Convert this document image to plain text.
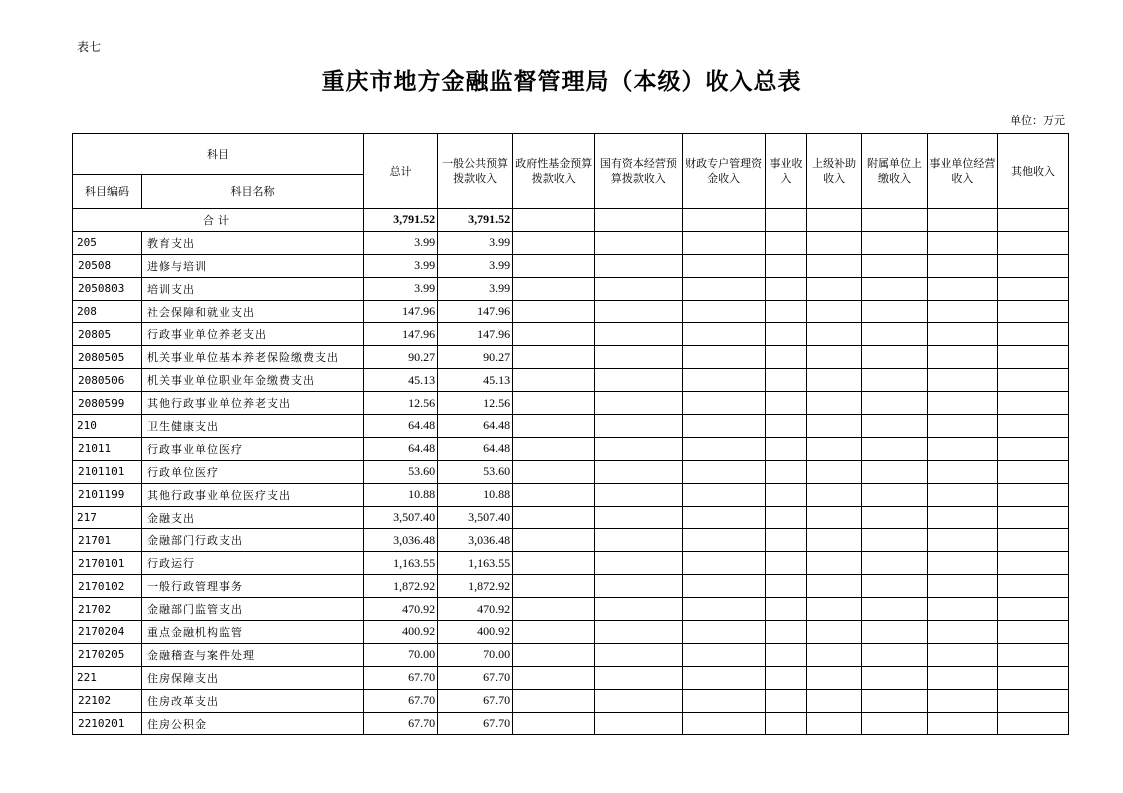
表七
重庆市地方金融监督管理局（本级）收入总表
单位：万元
科目		总计	一般公共预算拨款收入	政府性基金预算拨款收入	国有资本经营预算拨款收入	财政专户管理资金收入	事业收入	上级补助收入	附属单位上缴收入	事业单位经营收入	其他收入
科目编码	科目名称										
合计		3,791.52	3,791.52								
205	教育支出	3.99	3.99								
20508	进修与培训	3.99	3.99								
2050803	培训支出	3.99	3.99								
208	社会保障和就业支出	147.96	147.96								
20805	行政事业单位养老支出	147.96	147.96								
2080505	机关事业单位基本养老保险缴费支出	90.27	90.27								
2080506	机关事业单位职业年金缴费支出	45.13	45.13								
2080599	其他行政事业单位养老支出	12.56	12.56								
210	卫生健康支出	64.48	64.48								
21011	行政事业单位医疗	64.48	64.48								
2101101	行政单位医疗	53.60	53.60								
2101199	其他行政事业单位医疗支出	10.88	10.88								
217	金融支出	3,507.40	3,507.40								
21701	金融部门行政支出	3,036.48	3,036.48								
2170101	行政运行	1,163.55	1,163.55								
2170102	一般行政管理事务	1,872.92	1,872.92								
21702	金融部门监管支出	470.92	470.92								
2170204	重点金融机构监管	400.92	400.92								
2170205	金融稽查与案件处理	70.00	70.00								
221	住房保障支出	67.70	67.70								
22102	住房改革支出	67.70	67.70								
2210201	住房公积金	67.70	67.70								
